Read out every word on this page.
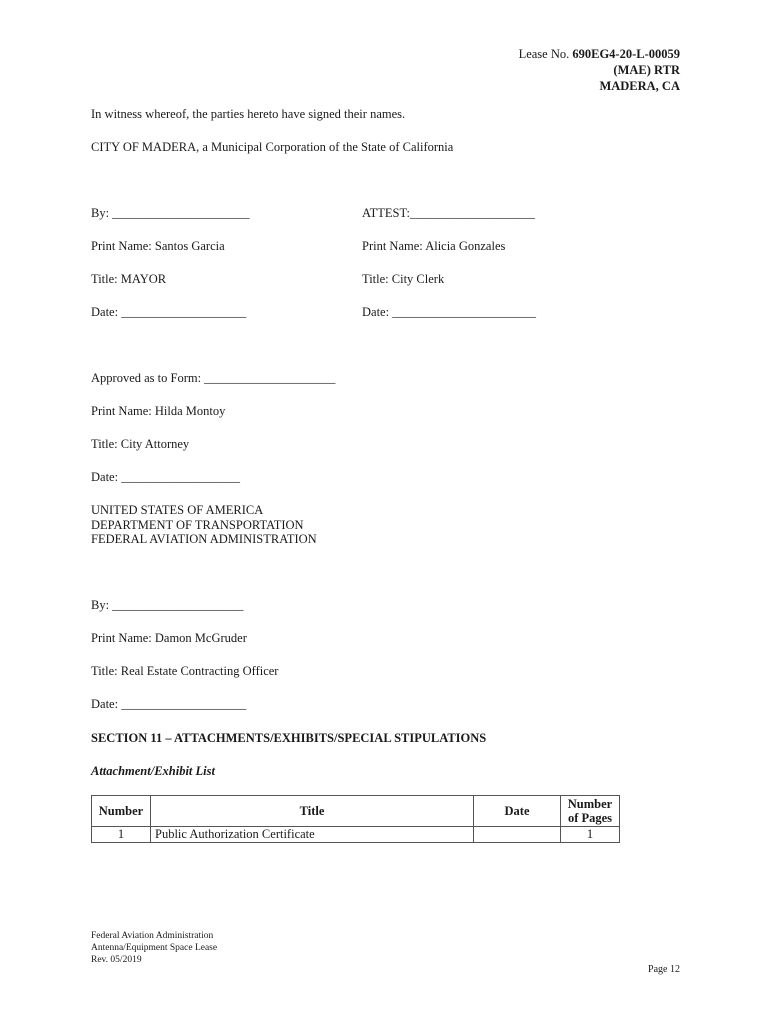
Lease No. 690EG4-20-L-00059
(MAE) RTR
MADERA, CA
In witness whereof, the parties hereto have signed their names.
CITY OF MADERA, a Municipal Corporation of the State of California
By: ______________________
Print Name: Santos Garcia
Title: MAYOR
Date: ____________________
ATTEST:____________________
Print Name: Alicia Gonzales
Title: City Clerk
Date: _______________________
Approved as to Form: _____________________
Print Name: Hilda Montoy
Title: City Attorney
Date: ___________________
UNITED STATES OF AMERICA
DEPARTMENT OF TRANSPORTATION
FEDERAL AVIATION ADMINISTRATION
By: _____________________
Print Name: Damon McGruder
Title: Real Estate Contracting Officer
Date: ____________________
SECTION 11 – ATTACHMENTS/EXHIBITS/SPECIAL STIPULATIONS
Attachment/Exhibit List
Number	Title	Date	Number
of Pages

1	Public Authorization Certificate		1
Federal Aviation Administration
Antenna/Equipment Space Lease
Rev. 05/2019
Page 12
